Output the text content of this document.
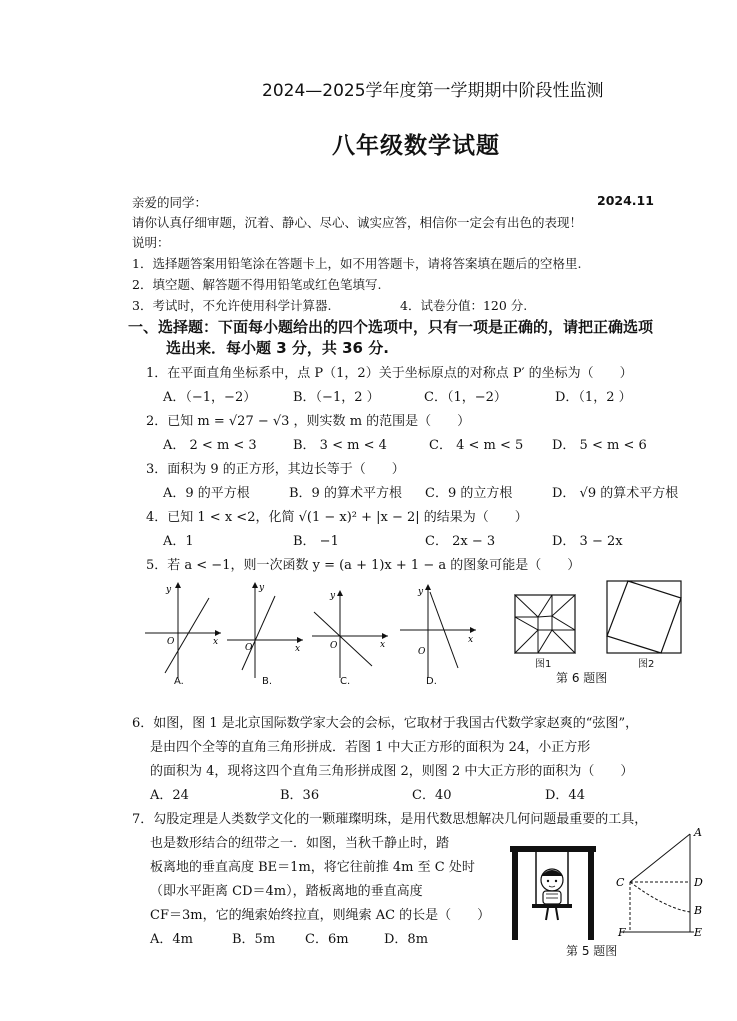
2024—2025学年度第一学期期中阶段性监测
八年级数学试题
亲爱的同学：	2024.11
请你认真仔细审题，沉着、静心、尽心、诚实应答，相信你一定会有出色的表现！
说明：
1．选择题答案用铅笔涂在答题卡上，如不用答题卡，请将答案填在题后的空格里.
2．填空题、解答题不得用铅笔或红色笔填写.
3．考试时，不允许使用科学计算器.	4．试卷分值：120 分.
一、选择题：下面每小题给出的四个选项中，只有一项是正确的，请把正确选项
选出来．每小题 3 分，共 36 分.
1．在平面直角坐标系中，点 P（1，2）关于坐标原点的对称点 P′ 的坐标为（　　）
A．（−1，−2）	B．（−1，2 ）	C．（1，−2）	D．（1，2 ）
2．已知 m = √27 − √3 ，则实数 m 的范围是（　　）
A． 2 < m < 3	B． 3 < m < 4	C． 4 < m < 5 D． 5 < m < 6
3．面积为 9 的正方形，其边长等于（　　）
A．9 的平方根	B．9 的算术平方根 C．9 的立方根	D． √9 的算术平方根
4．已知 1 < x <2，化简 √(1 − x)² + |x − 2| 的结果为（　　）
A．1	B． −1	C． 2x − 3	D． 3 − 2x
5．若 a < −1，则一次函数 y = (a + 1)x + 1 − a 的图象可能是（　　）
y
O	x
A.
y
O	x
B.
y
O	x
C.
y
O
x
D.
图1	图2
第 6 题图
6．如图，图 1 是北京国际数学家大会的会标，它取材于我国古代数学家赵爽的“弦图”，
是由四个全等的直角三角形拼成．若图 1 中大正方形的面积为 24，小正方形
的面积为 4，现将这四个直角三角形拼成图 2，则图 2 中大正方形的面积为（　　）
A．24	B．36	C．40	D．44
7．勾股定理是人类数学文化的一颗璀璨明珠，是用代数思想解决几何问题最重要的工具，
也是数形结合的纽带之一．如图，当秋千静止时，踏
板离地的垂直高度 BE＝1m，将它往前推 4m 至 C 处时
（即水平距离 CD＝4m），踏板离地的垂直高度
CF＝3m，它的绳索始终拉直，则绳索 AC 的长是（　　）
A．4m	B．5m C．6m	D．8m
A
C	D
B
F	E
第 5 题图
